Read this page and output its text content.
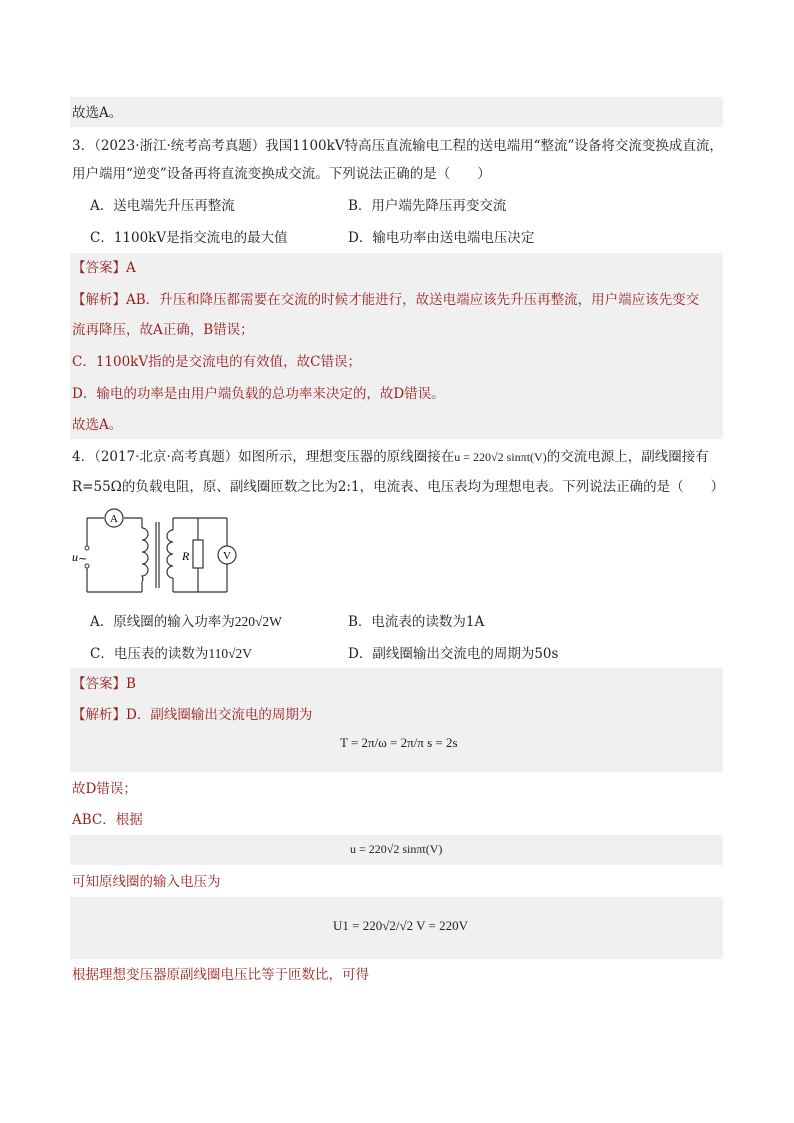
故选A。
3．（2023·浙江·统考高考真题）我国1100kV特高压直流输电工程的送电端用“整流”设备将交流变换成直流，
用户端用“逆变”设备再将直流变换成交流。下列说法正确的是（　　）
A．送电端先升压再整流	B．用户端先降压再变交流
C．1100kV是指交流电的最大值	D．输电功率由送电端电压决定
【答案】A
【解析】AB．升压和降压都需要在交流的时候才能进行，故送电端应该先升压再整流，用户端应该先变交
流再降压，故A正确，B错误；
C．1100kV指的是交流电的有效值，故C错误；
D．输电的功率是由用户端负载的总功率来决定的，故D错误。
故选A。
4．（2017·北京·高考真题）如图所示，理想变压器的原线圈接在u = 220√2 sinπt(V)的交流电源上，副线圈接有
R=55Ω的负载电阻，原、副线圈匝数之比为2:1，电流表、电压表均为理想电表。下列说法正确的是（　　）
A
V
R
u ~
A．原线圈的输入功率为220√2W	B．电流表的读数为1A
C．电压表的读数为110√2V	D．副线圈输出交流电的周期为50s
【答案】B
【解析】D．副线圈输出交流电的周期为
T = 2π/ω = 2π/π s = 2s
故D错误；
ABC．根据
u = 220√2 sinπt(V)
可知原线圈的输入电压为
U1 = 220√2/√2 V = 220V
根据理想变压器原副线圈电压比等于匝数比，可得
